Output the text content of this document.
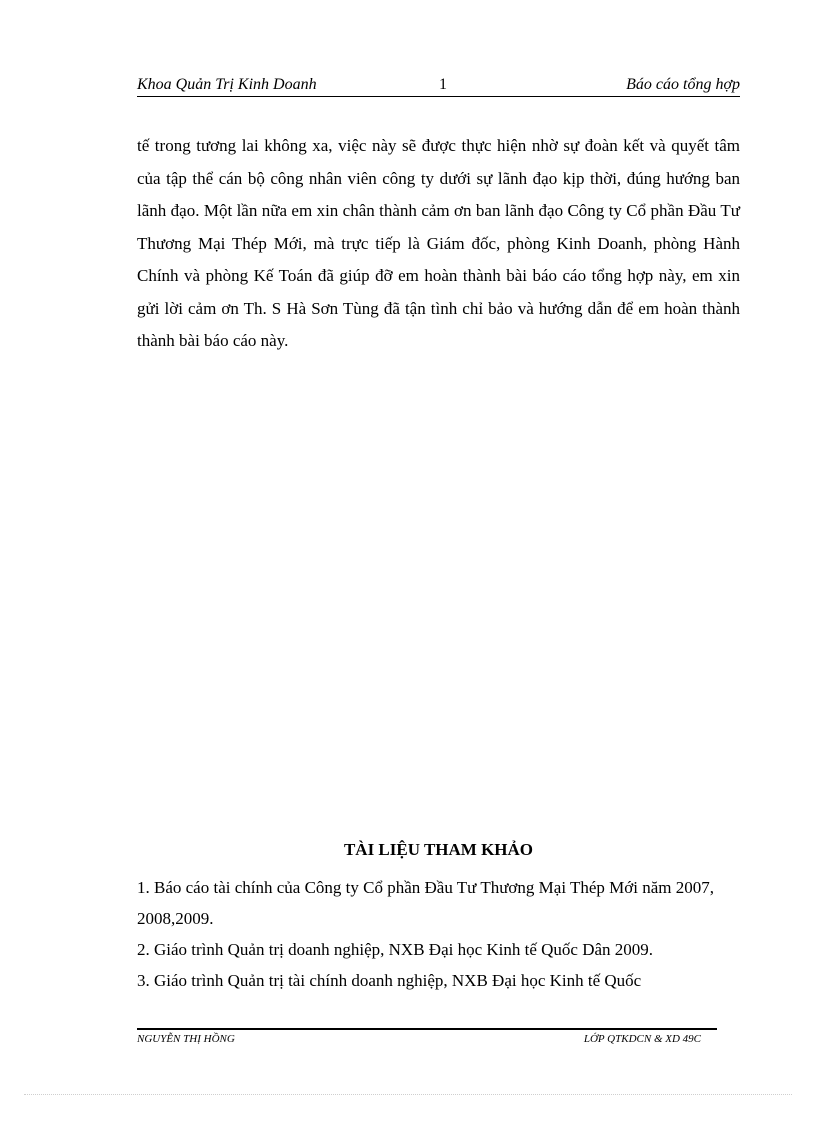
Khoa Quản Trị Kinh Doanh	1	Báo cáo tổng hợp

tế trong tương lai không xa, việc này sẽ được thực hiện nhờ sự đoàn kết và quyết tâm của tập thể cán bộ công nhân viên công ty dưới sự lãnh đạo kịp thời, đúng hướng ban lãnh đạo. Một lần nữa em xin chân thành cảm ơn ban lãnh đạo Công ty Cổ phần Đầu Tư Thương Mại Thép Mới, mà trực tiếp là Giám đốc, phòng Kinh Doanh, phòng Hành Chính và phòng Kế Toán đã giúp đỡ em hoàn thành bài báo cáo tổng hợp này, em xin gửi lời cảm ơn Th. S Hà Sơn Tùng đã tận tình chỉ bảo và hướng dẫn để em hoàn thành thành bài báo cáo này.

TÀI LIỆU THAM KHẢO
1. Báo cáo tài chính của Công ty Cổ phần Đầu Tư Thương Mại Thép Mới năm 2007, 2008,2009.
2. Giáo trình Quản trị doanh nghiệp, NXB Đại học Kinh tế Quốc Dân 2009.
3. Giáo trình Quản trị tài chính doanh nghiệp, NXB Đại học Kinh tế Quốc
NGUYỄN THỊ HỒNG	LỚP QTKDCN & XD 49C
